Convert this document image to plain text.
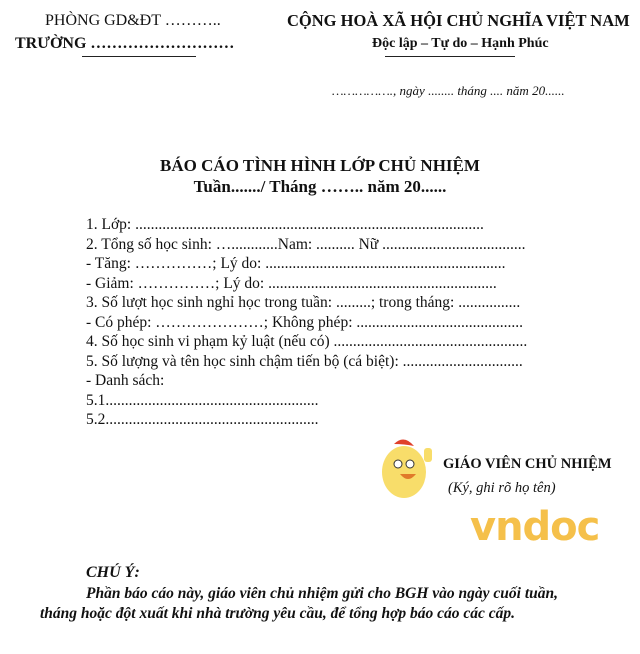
vndoc
PHÒNG GD&ĐT ………..
TRƯỜNG ………………………
CỘNG HOÀ XÃ HỘI CHỦ NGHĨA VIỆT NAM
Độc lập – Tự do – Hạnh Phúc
……………., ngày ........ tháng .... năm 20......
BÁO CÁO TÌNH HÌNH LỚP CHỦ NHIỆM
Tuần......./ Tháng …….. năm 20......
1. Lớp: ..........................................................................................
2. Tổng số học sinh: …............Nam: .......... Nữ .....................................
- Tăng: ……………; Lý do: ..............................................................
- Giảm: ……………; Lý do: ...........................................................
3. Số lượt học sinh nghỉ học trong tuần: .........; trong tháng: ................
- Có phép: …………………; Không phép: ...........................................
4. Số học sinh vi phạm kỷ luật (nếu có) ..................................................
5. Số lượng và tên học sinh chậm tiến bộ (cá biệt): ...............................
- Danh sách:
5.1.......................................................
5.2.......................................................
GIÁO VIÊN CHỦ NHIỆM
(Ký, ghi rõ họ tên)
CHÚ Ý:
Phần báo cáo này, giáo viên chủ nhiệm gửi cho BGH vào ngày cuối tuần,
tháng hoặc đột xuất khi nhà trường yêu cầu, để tổng hợp báo cáo các cấp.
